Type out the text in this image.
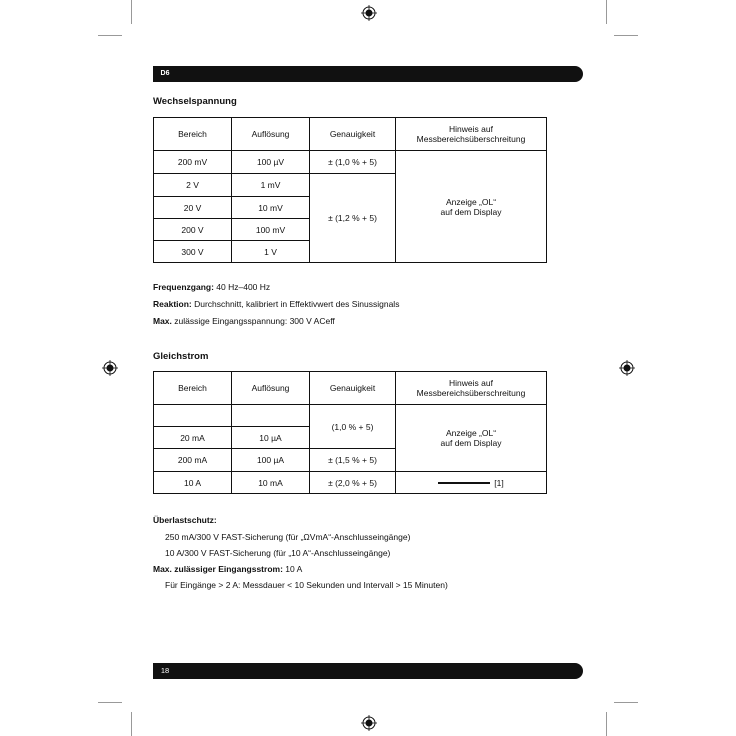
D6
Wechselspannung
Bereich	Auflösung	Genauigkeit	Hinweis auf
Messbereichsüberschreitung
200 mV	100 µV	± (1,0 % + 5)	Anzeige „OL“
auf dem Display
2 V	1 mV	± (1,2 % + 5)	
20 V	10 mV		
200 V	100 mV		
300 V	1 V		
Frequenzgang: 40 Hz–400 Hz
Reaktion: Durchschnitt, kalibriert in Effektivwert des Sinussignals
Max. zulässige Eingangsspannung: 300 V ACeff
Gleichstrom
Bereich	Auflösung	Genauigkeit	Hinweis auf
Messbereichsüberschreitung
		(1,0 % + 5)	Anzeige „OL“
auf dem Display
20 mA	10 µA		
200 mA	100 µA	± (1,5 % + 5)	
10 A	10 mA	± (2,0 % + 5)	[1]
Überlastschutz:
250 mA/300 V FAST-Sicherung (für „ΩVmA“-Anschlusseingänge)
10 A/300 V FAST-Sicherung (für „10 A“-Anschlusseingänge)
Max. zulässiger Eingangsstrom: 10 A
Für Eingänge > 2 A: Messdauer < 10 Sekunden und Intervall > 15 Minuten)
18
